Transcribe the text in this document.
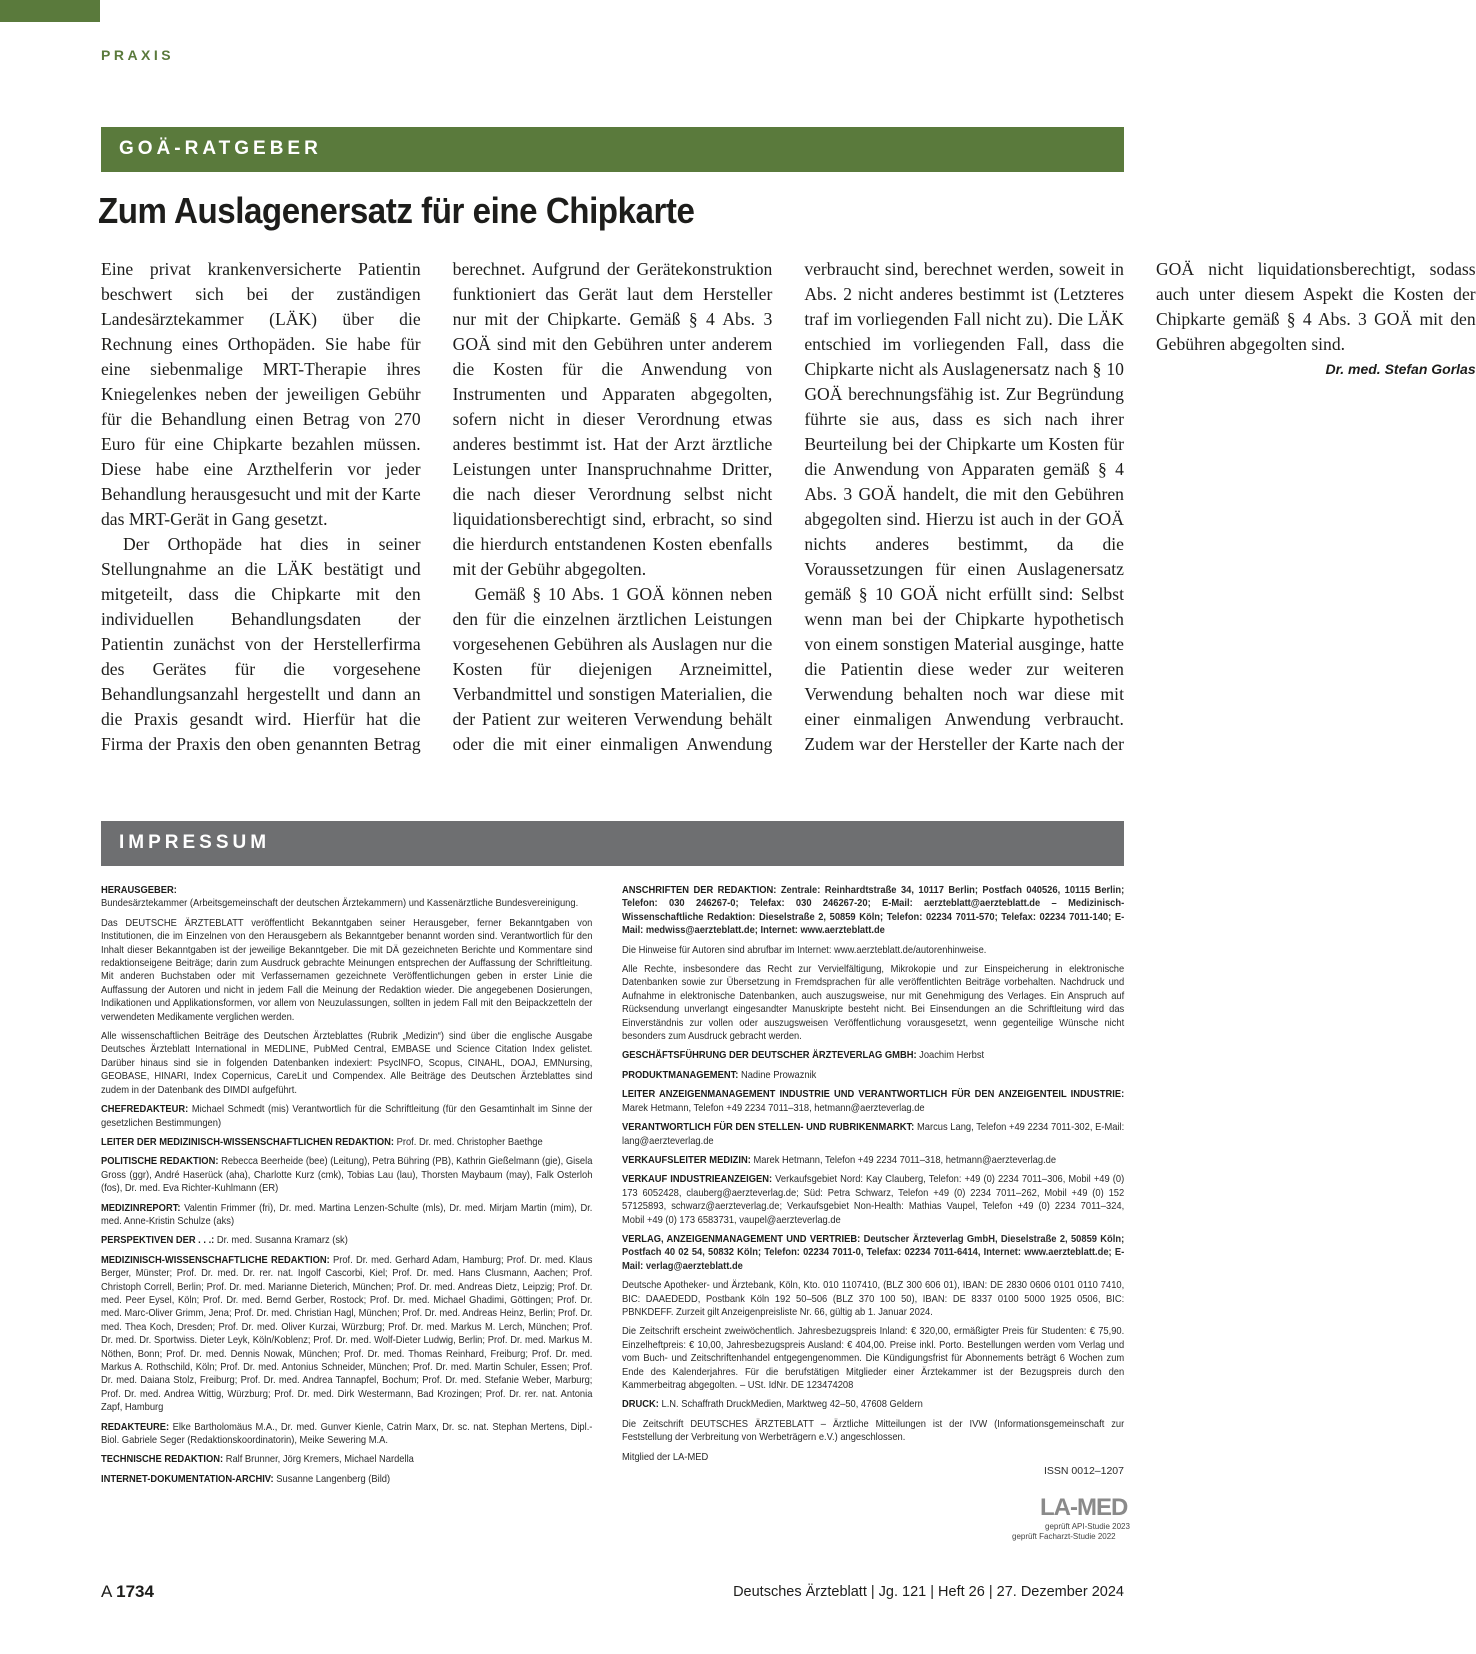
PRAXIS
GOÄ-RATGEBER
Zum Auslagenersatz für eine Chipkarte

Eine privat krankenversicherte Patientin beschwert sich bei der zuständigen Landesärztekammer (LÄK) über die Rechnung eines Orthopäden. Sie habe für eine siebenmalige MRT-Therapie ihres Kniegelenkes neben der jeweiligen Gebühr für die Behandlung einen Betrag von 270 Euro für eine Chipkarte bezahlen müssen. Diese habe eine Arzthelferin vor jeder Behandlung herausgesucht und mit der Karte das MRT-Gerät in Gang gesetzt.

Der Orthopäde hat dies in seiner Stellungnahme an die LÄK bestätigt und mitgeteilt, dass die Chipkarte mit den individuellen Behandlungsdaten der Patientin zunächst von der Herstellerfirma des Gerätes für die vorgesehene Behandlungsanzahl hergestellt und dann an die Praxis gesandt wird. Hierfür hat die Firma der Praxis den oben genannten Betrag berechnet. Aufgrund der Gerätekonstruktion funktioniert das Gerät laut dem Hersteller nur mit der Chipkarte. Gemäß § 4 Abs. 3 GOÄ sind mit den Gebühren unter anderem die Kosten für die Anwendung von Instrumenten und Apparaten abgegolten, sofern nicht in dieser Verordnung etwas anderes bestimmt ist. Hat der Arzt ärztliche Leistungen unter Inanspruchnahme Dritter, die nach dieser Verordnung selbst nicht liquidationsberechtigt sind, erbracht, so sind die hierdurch entstandenen Kosten ebenfalls mit der Gebühr abgegolten.

Gemäß § 10 Abs. 1 GOÄ können neben den für die einzelnen ärztlichen Leistungen vorgesehenen Gebühren als Auslagen nur die Kosten für diejenigen Arzneimittel, Verbandmittel und sonstigen Materialien, die der Patient zur weiteren Verwendung behält oder die mit einer einmaligen Anwendung verbraucht sind, berechnet werden, soweit in Abs. 2 nicht anderes bestimmt ist (Letzteres traf im vorliegenden Fall nicht zu). Die LÄK entschied im vorliegenden Fall, dass die Chipkarte nicht als Auslagenersatz nach § 10 GOÄ berechnungsfähig ist. Zur Begründung führte sie aus, dass es sich nach ihrer Beurteilung bei der Chipkarte um Kosten für die Anwendung von Apparaten gemäß § 4 Abs. 3 GOÄ handelt, die mit den Gebühren abgegolten sind. Hierzu ist auch in der GOÄ nichts anderes bestimmt, da die Voraussetzungen für einen Auslagenersatz gemäß § 10 GOÄ nicht erfüllt sind: Selbst wenn man bei der Chipkarte hypothetisch von einem sonstigen Material ausginge, hatte die Patientin diese weder zur weiteren Verwendung behalten noch war diese mit einer einmaligen Anwendung verbraucht. Zudem war der Hersteller der Karte nach der GOÄ nicht liquidationsberechtigt, sodass auch unter diesem Aspekt die Kosten der Chipkarte gemäß § 4 Abs. 3 GOÄ mit den Gebühren abgegolten sind.
Dr. med. Stefan Gorlas

IMPRESSUM
HERAUSGEBER:
Bundesärztekammer (Arbeitsgemeinschaft der deutschen Ärztekammern) und Kassenärztliche Bundesvereinigung.
Das DEUTSCHE ÄRZTEBLATT veröffentlicht Bekanntgaben seiner Herausgeber, ferner Bekanntgaben von Institutionen, die im Einzelnen von den Herausgebern als Bekanntgeber benannt worden sind. Verantwortlich für den Inhalt dieser Bekanntgaben ist der jeweilige Bekanntgeber. Die mit DÄ gezeichneten Berichte und Kommentare sind redaktionseigene Beiträge; darin zum Ausdruck gebrachte Meinungen entsprechen der Auffassung der Schriftleitung. Mit anderen Buchstaben oder mit Verfassernamen gezeichnete Veröffentlichungen geben in erster Linie die Auffassung der Autoren und nicht in jedem Fall die Meinung der Redaktion wieder. Die angegebenen Dosierungen, Indikationen und Applikationsformen, vor allem von Neuzulassungen, sollten in jedem Fall mit den Beipackzetteln der verwendeten Medikamente verglichen werden.
Alle wissenschaftlichen Beiträge des Deutschen Ärzteblattes (Rubrik „Medizin“) sind über die englische Ausgabe Deutsches Ärzteblatt International in MEDLINE, PubMed Central, EMBASE und Science Citation Index gelistet. Darüber hinaus sind sie in folgenden Datenbanken indexiert: PsycINFO, Scopus, CINAHL, DOAJ, EMNursing, GEOBASE, HINARI, Index Copernicus, CareLit und Compendex. Alle Beiträge des Deutschen Ärzteblattes sind zudem in der Datenbank des DIMDI aufgeführt.
CHEFREDAKTEUR: Michael Schmedt (mis) Verantwortlich für die Schriftleitung (für den Gesamtinhalt im Sinne der gesetzlichen Bestimmungen)
LEITER DER MEDIZINISCH-WISSENSCHAFTLICHEN REDAKTION: Prof. Dr. med. Christopher Baethge
POLITISCHE REDAKTION: Rebecca Beerheide (bee) (Leitung), Petra Bühring (PB), Kathrin Gießelmann (gie), Gisela Gross (ggr), André Haserück (aha), Charlotte Kurz (cmk), Tobias Lau (lau), Thorsten Maybaum (may), Falk Osterloh (fos), Dr. med. Eva Richter-Kuhlmann (ER)
MEDIZINREPORT: Valentin Frimmer (fri), Dr. med. Martina Lenzen-Schulte (mls), Dr. med. Mirjam Martin (mim), Dr. med. Anne-Kristin Schulze (aks)
PERSPEKTIVEN DER . . .: Dr. med. Susanna Kramarz (sk)
MEDIZINISCH-WISSENSCHAFTLICHE REDAKTION: Prof. Dr. med. Gerhard Adam, Hamburg; Prof. Dr. med. Klaus Berger, Münster; Prof. Dr. med. Dr. rer. nat. Ingolf Cascorbi, Kiel; Prof. Dr. med. Hans Clusmann, Aachen; Prof. Christoph Correll, Berlin; Prof. Dr. med. Marianne Dieterich, München; Prof. Dr. med. Andreas Dietz, Leipzig; Prof. Dr. med. Peer Eysel, Köln; Prof. Dr. med. Bernd Gerber, Rostock; Prof. Dr. med. Michael Ghadimi, Göttingen; Prof. Dr. med. Marc-Oliver Grimm, Jena; Prof. Dr. med. Christian Hagl, München; Prof. Dr. med. Andreas Heinz, Berlin; Prof. Dr. med. Thea Koch, Dresden; Prof. Dr. med. Oliver Kurzai, Würzburg; Prof. Dr. med. Markus M. Lerch, München; Prof. Dr. med. Dr. Sportwiss. Dieter Leyk, Köln/Koblenz; Prof. Dr. med. Wolf-Dieter Ludwig, Berlin; Prof. Dr. med. Markus M. Nöthen, Bonn; Prof. Dr. med. Dennis Nowak, München; Prof. Dr. med. Thomas Reinhard, Freiburg; Prof. Dr. med. Markus A. Rothschild, Köln; Prof. Dr. med. Antonius Schneider, München; Prof. Dr. med. Martin Schuler, Essen; Prof. Dr. med. Daiana Stolz, Freiburg; Prof. Dr. med. Andrea Tannapfel, Bochum; Prof. Dr. med. Stefanie Weber, Marburg; Prof. Dr. med. Andrea Wittig, Würzburg; Prof. Dr. med. Dirk Westermann, Bad Krozingen; Prof. Dr. rer. nat. Antonia Zapf, Hamburg
REDAKTEURE: Elke Bartholomäus M.A., Dr. med. Gunver Kienle, Catrin Marx, Dr. sc. nat. Stephan Mertens, Dipl.-Biol. Gabriele Seger (Redaktionskoordinatorin), Meike Sewering M.A.
TECHNISCHE REDAKTION: Ralf Brunner, Jörg Kremers, Michael Nardella
INTERNET-DOKUMENTATION-ARCHIV: Susanne Langenberg (Bild)
ANSCHRIFTEN DER REDAKTION: Zentrale: Reinhardtstraße 34, 10117 Berlin; Postfach 040526, 10115 Berlin; Telefon: 030 246267-0; Telefax: 030 246267-20; E-Mail: aerzteblatt@aerzteblatt.de – Medizinisch-Wissenschaftliche Redaktion: Dieselstraße 2, 50859 Köln; Telefon: 02234 7011-570; Telefax: 02234 7011-140; E-Mail: medwiss@aerzteblatt.de; Internet: www.aerzteblatt.de
Die Hinweise für Autoren sind abrufbar im Internet: www.aerzteblatt.de/autorenhinweise.
Alle Rechte, insbesondere das Recht zur Vervielfältigung, Mikrokopie und zur Einspeicherung in elektronische Datenbanken sowie zur Übersetzung in Fremdsprachen für alle veröffentlichten Beiträge vorbehalten. Nachdruck und Aufnahme in elektronische Datenbanken, auch auszugsweise, nur mit Genehmigung des Verlages. Ein Anspruch auf Rücksendung unverlangt eingesandter Manuskripte besteht nicht. Bei Einsendungen an die Schriftleitung wird das Einverständnis zur vollen oder auszugsweisen Veröffentlichung vorausgesetzt, wenn gegenteilige Wünsche nicht besonders zum Ausdruck gebracht werden.
GESCHÄFTSFÜHRUNG DER DEUTSCHER ÄRZTEVERLAG GMBH: Joachim Herbst
PRODUKTMANAGEMENT: Nadine Prowaznik
LEITER ANZEIGENMANAGEMENT INDUSTRIE UND VERANTWORTLICH FÜR DEN ANZEIGENTEIL INDUSTRIE: Marek Hetmann, Telefon +49 2234 7011–318, hetmann@aerzteverlag.de
VERANTWORTLICH FÜR DEN STELLEN- UND RUBRIKENMARKT: Marcus Lang, Telefon +49 2234 7011-302, E-Mail: lang@aerzteverlag.de
VERKAUFSLEITER MEDIZIN: Marek Hetmann, Telefon +49 2234 7011–318, hetmann@aerzteverlag.de
VERKAUF INDUSTRIEANZEIGEN: Verkaufsgebiet Nord: Kay Clauberg, Telefon: +49 (0) 2234 7011–306, Mobil +49 (0) 173 6052428, clauberg@aerzteverlag.de; Süd: Petra Schwarz, Telefon +49 (0) 2234 7011–262, Mobil +49 (0) 152 57125893, schwarz@aerzteverlag.de; Verkaufsgebiet Non-Health: Mathias Vaupel, Telefon +49 (0) 2234 7011–324, Mobil +49 (0) 173 6583731, vaupel@aerzteverlag.de
VERLAG, ANZEIGENMANAGEMENT UND VERTRIEB: Deutscher Ärzteverlag GmbH, Dieselstraße 2, 50859 Köln; Postfach 40 02 54, 50832 Köln; Telefon: 02234 7011-0, Telefax: 02234 7011-6414, Internet: www.aerzteblatt.de; E-Mail: verlag@aerzteblatt.de
Deutsche Apotheker- und Ärztebank, Köln, Kto. 010 1107410, (BLZ 300 606 01), IBAN: DE 2830 0606 0101 0110 7410, BIC: DAAEDEDD, Postbank Köln 192 50–506 (BLZ 370 100 50), IBAN: DE 8337 0100 5000 1925 0506, BIC: PBNKDEFF. Zurzeit gilt Anzeigenpreisliste Nr. 66, gültig ab 1. Januar 2024.
Die Zeitschrift erscheint zweiwöchentlich. Jahresbezugspreis Inland: € 320,00, ermäßigter Preis für Studenten: € 75,90. Einzelheftpreis: € 10,00, Jahresbezugspreis Ausland: € 404,00. Preise inkl. Porto. Bestellungen werden vom Verlag und vom Buch- und Zeitschriftenhandel entgegengenommen. Die Kündigungsfrist für Abonnements beträgt 6 Wochen zum Ende des Kalenderjahres. Für die berufstätigen Mitglieder einer Ärztekammer ist der Bezugspreis durch den Kammerbeitrag abgegolten. – USt. IdNr. DE 123474208
DRUCK: L.N. Schaffrath DruckMedien, Marktweg 42–50, 47608 Geldern
Die Zeitschrift DEUTSCHES ÄRZTEBLATT – Ärztliche Mitteilungen ist der IVW (Informationsgemeinschaft zur Feststellung der Verbreitung von Werbeträgern e.V.) angeschlossen.
Mitglied der LA-MED
ISSN 0012–1207
LA-MED
geprüft API-Studie 2023
geprüft Facharzt-Studie 2022
A 1734	Deutsches Ärzteblatt | Jg. 121 | Heft 26 | 27. Dezember 2024
